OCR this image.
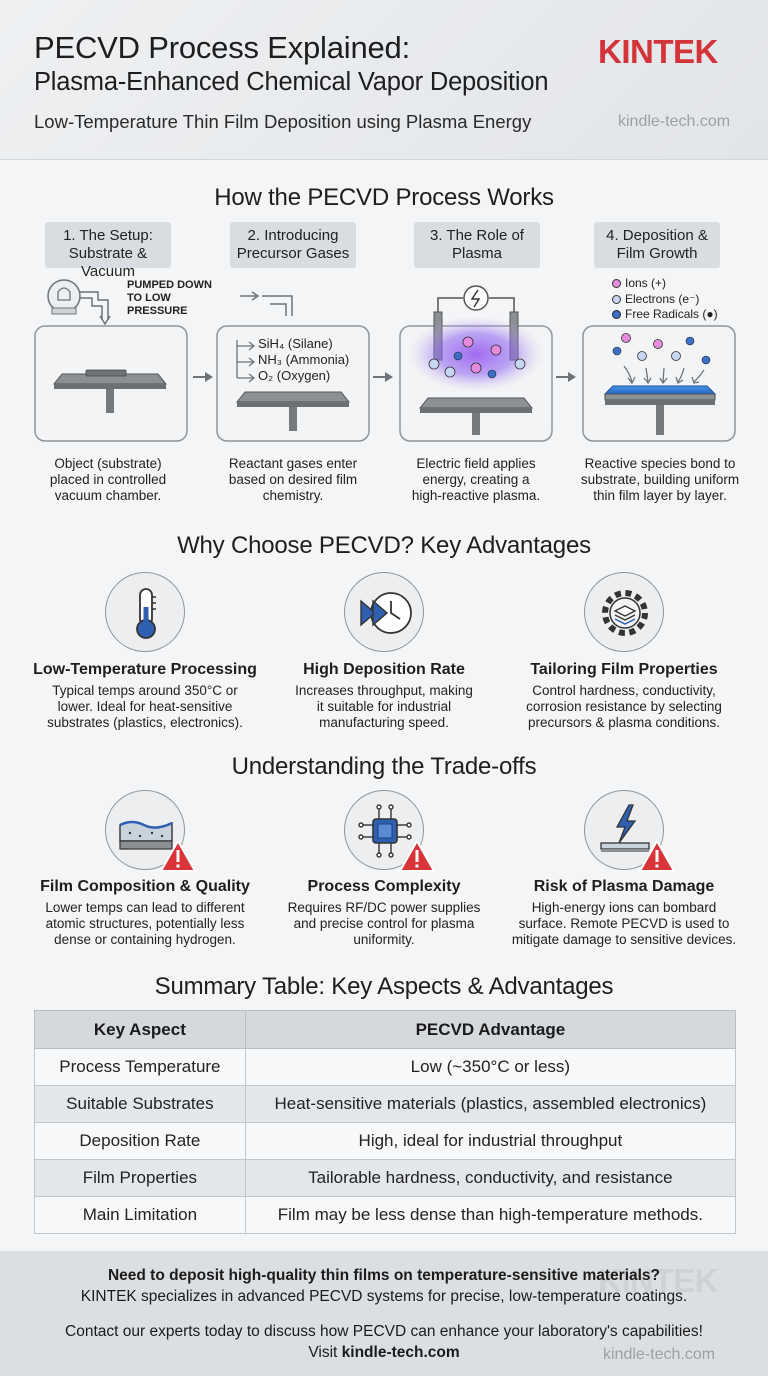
PECVD Process Explained:
Plasma-Enhanced Chemical Vapor Deposition
Low-Temperature Thin Film Deposition using Plasma Energy
KINTEK
kindle-tech.com
How the PECVD Process Works
1. The Setup:
Substrate & Vacuum
2. Introducing
Precursor Gases
3. The Role of
Plasma
4. Deposition &
Film Growth
PUMPED DOWN
TO LOW
PRESSURE
SiH₄ (Silane)
NH₃ (Ammonia)
O₂ (Oxygen)
Ions (+)
Electrons (e⁻)
Free Radicals (●)
Object (substrate)
placed in controlled
vacuum chamber.
Reactant gases enter
based on desired film
chemistry.
Electric field applies
energy, creating a
high-reactive plasma.
Reactive species bond to
substrate, building uniform
thin film layer by layer.
Why Choose PECVD? Key Advantages
Low-Temperature Processing	High Deposition Rate	Tailoring Film Properties
Typical temps around 350°C or
lower. Ideal for heat-sensitive
substrates (plastics, electronics).
Increases throughput, making
it suitable for industrial
manufacturing speed.
Control hardness, conductivity,
corrosion resistance by selecting
precursors & plasma conditions.
Understanding the Trade-offs
Film Composition & Quality	Process Complexity	Risk of Plasma Damage
Lower temps can lead to different
atomic structures, potentially less
dense or containing hydrogen.
Requires RF/DC power supplies
and precise control for plasma
uniformity.
High-energy ions can bombard
surface. Remote PECVD is used to
mitigate damage to sensitive devices.
Summary Table: Key Aspects & Advantages
Key Aspect	PECVD Advantage
Process Temperature	Low (~350°C or less)
Suitable Substrates	Heat-sensitive materials (plastics, assembled electronics)
Deposition Rate	High, ideal for industrial throughput
Film Properties	Tailorable hardness, conductivity, and resistance
Main Limitation	Film may be less dense than high-temperature methods.
KINTEK
Need to deposit high-quality thin films on temperature-sensitive materials?
KINTEK specializes in advanced PECVD systems for precise, low-temperature coatings.
Contact our experts today to discuss how PECVD can enhance your laboratory's capabilities!
Visit kindle-tech.com	kindle-tech.com
